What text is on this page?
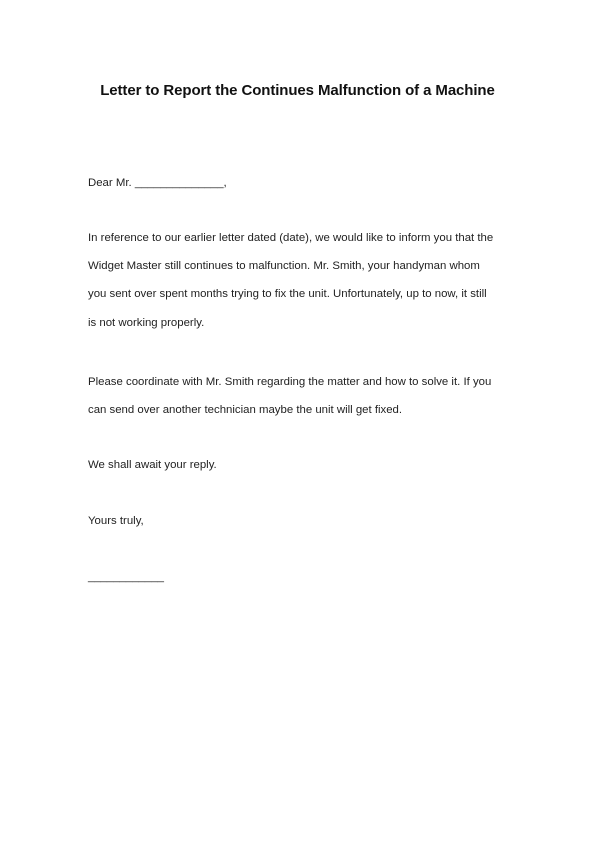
Letter to Report the Continues Malfunction of a Machine
Dear Mr. ______________,
In reference to our earlier letter dated (date), we would like to inform you that the
Widget Master still continues to malfunction. Mr. Smith, your handyman whom
you sent over spent months trying to fix the unit. Unfortunately, up to now, it still
is not working properly.
Please coordinate with Mr. Smith regarding the matter and how to solve it. If you
can send over another technician maybe the unit will get fixed.
We shall await your reply.
Yours truly,
____________
